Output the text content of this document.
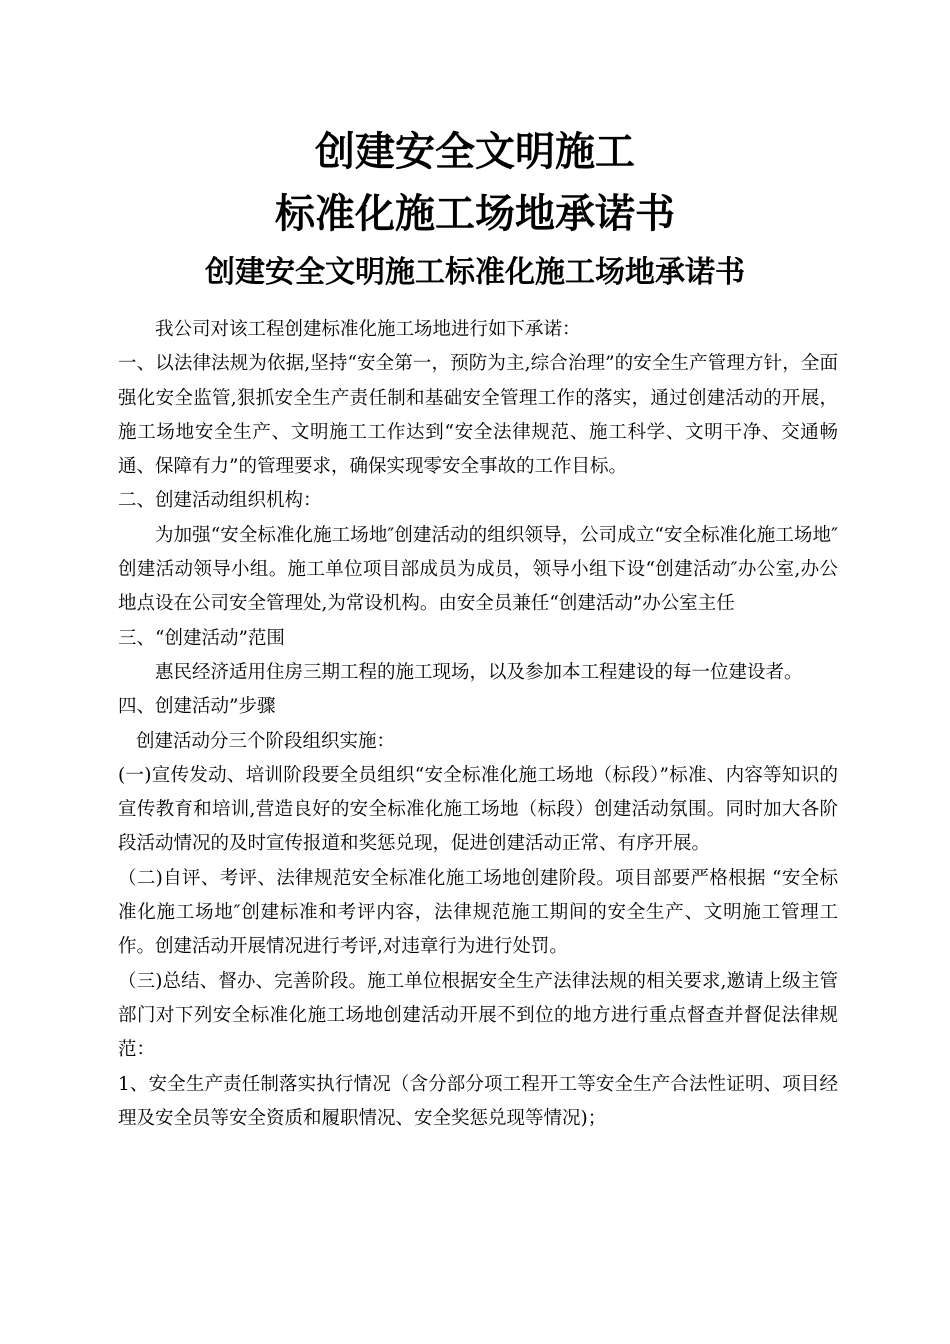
创建安全文明施工
标准化施工场地承诺书
创建安全文明施工标准化施工场地承诺书

我公司对该工程创建标准化施工场地进行如下承诺：

一、以法律法规为依据,坚持“安全第一，预防为主,综合治理”的安全生产管理方针，全面强化安全监管,狠抓安全生产责任制和基础安全管理工作的落实，通过创建活动的开展，施工场地安全生产、文明施工工作达到“安全法律规范、施工科学、文明干净、交通畅通、保障有力”的管理要求，确保实现零安全事故的工作目标。

二、创建活动组织机构：

为加强“安全标准化施工场地″创建活动的组织领导，公司成立“安全标准化施工场地″创建活动领导小组。施工单位项目部成员为成员，领导小组下设“创建活动″办公室,办公地点设在公司安全管理处,为常设机构。由安全员兼任“创建活动”办公室主任

三、“创建活动”范围

惠民经济适用住房三期工程的施工现场，以及参加本工程建设的每一位建设者。

四、创建活动”步骤

创建活动分三个阶段组织实施：

(一)宣传发动、培训阶段要全员组织“安全标准化施工场地（标段）”标准、内容等知识的宣传教育和培训,营造良好的安全标准化施工场地（标段）创建活动氛围。同时加大各阶段活动情况的及时宣传报道和奖惩兑现，促进创建活动正常、有序开展。

（二)自评、考评、法律规范安全标准化施工场地创建阶段。项目部要严格根据 “安全标准化施工场地″创建标准和考评内容，法律规范施工期间的安全生产、文明施工管理工作。创建活动开展情况进行考评,对违章行为进行处罚。

（三)总结、督办、完善阶段。施工单位根据安全生产法律法规的相关要求,邀请上级主管部门对下列安全标准化施工场地创建活动开展不到位的地方进行重点督查并督促法律规范：

1、安全生产责任制落实执行情况（含分部分项工程开工等安全生产合法性证明、项目经理及安全员等安全资质和履职情况、安全奖惩兑现等情况)；
